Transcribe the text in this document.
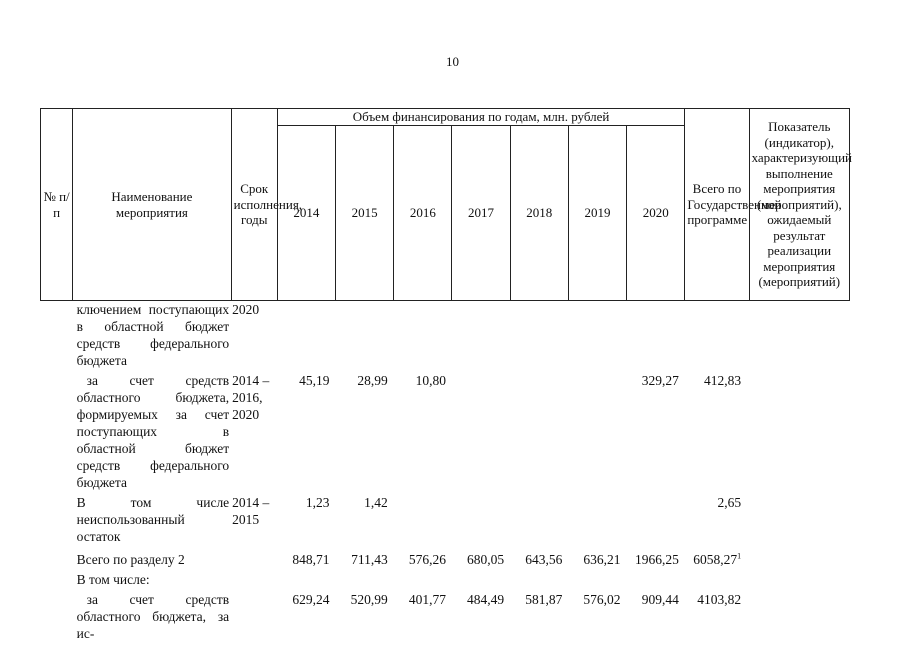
10
№ п/п	Наименование мероприятия	Срок исполнения, годы	Объем финансирования по годам, млн. рублей							Всего по Государственной программе	Показатель (индикатор), характеризующий выполнение мероприятия (мероприятий), ожидаемый результат реализации мероприятия (мероприятий)
			2014	2015	2016	2017	2018	2019	2020		
	ключением поступающих в областной бюджет средств федерального бюджета	2020									
	за счет средств областного бюджета, формируемых за счет поступающих в областной бюджет средств федерального бюджета	2014 – 2016, 2020	45,19	28,99	10,80				329,27	412,83	
	В том числе неиспользованный остаток	2014 – 2015	1,23	1,42						2,65	
	Всего по разделу 2		848,71	711,43	576,26	680,05	643,56	636,21	1966,25	6058,27$^1$	
	В том числе:										
	за счет средств областного бюджета, за ис-		629,24	520,99	401,77	484,49	581,87	576,02	909,44	4103,82	
